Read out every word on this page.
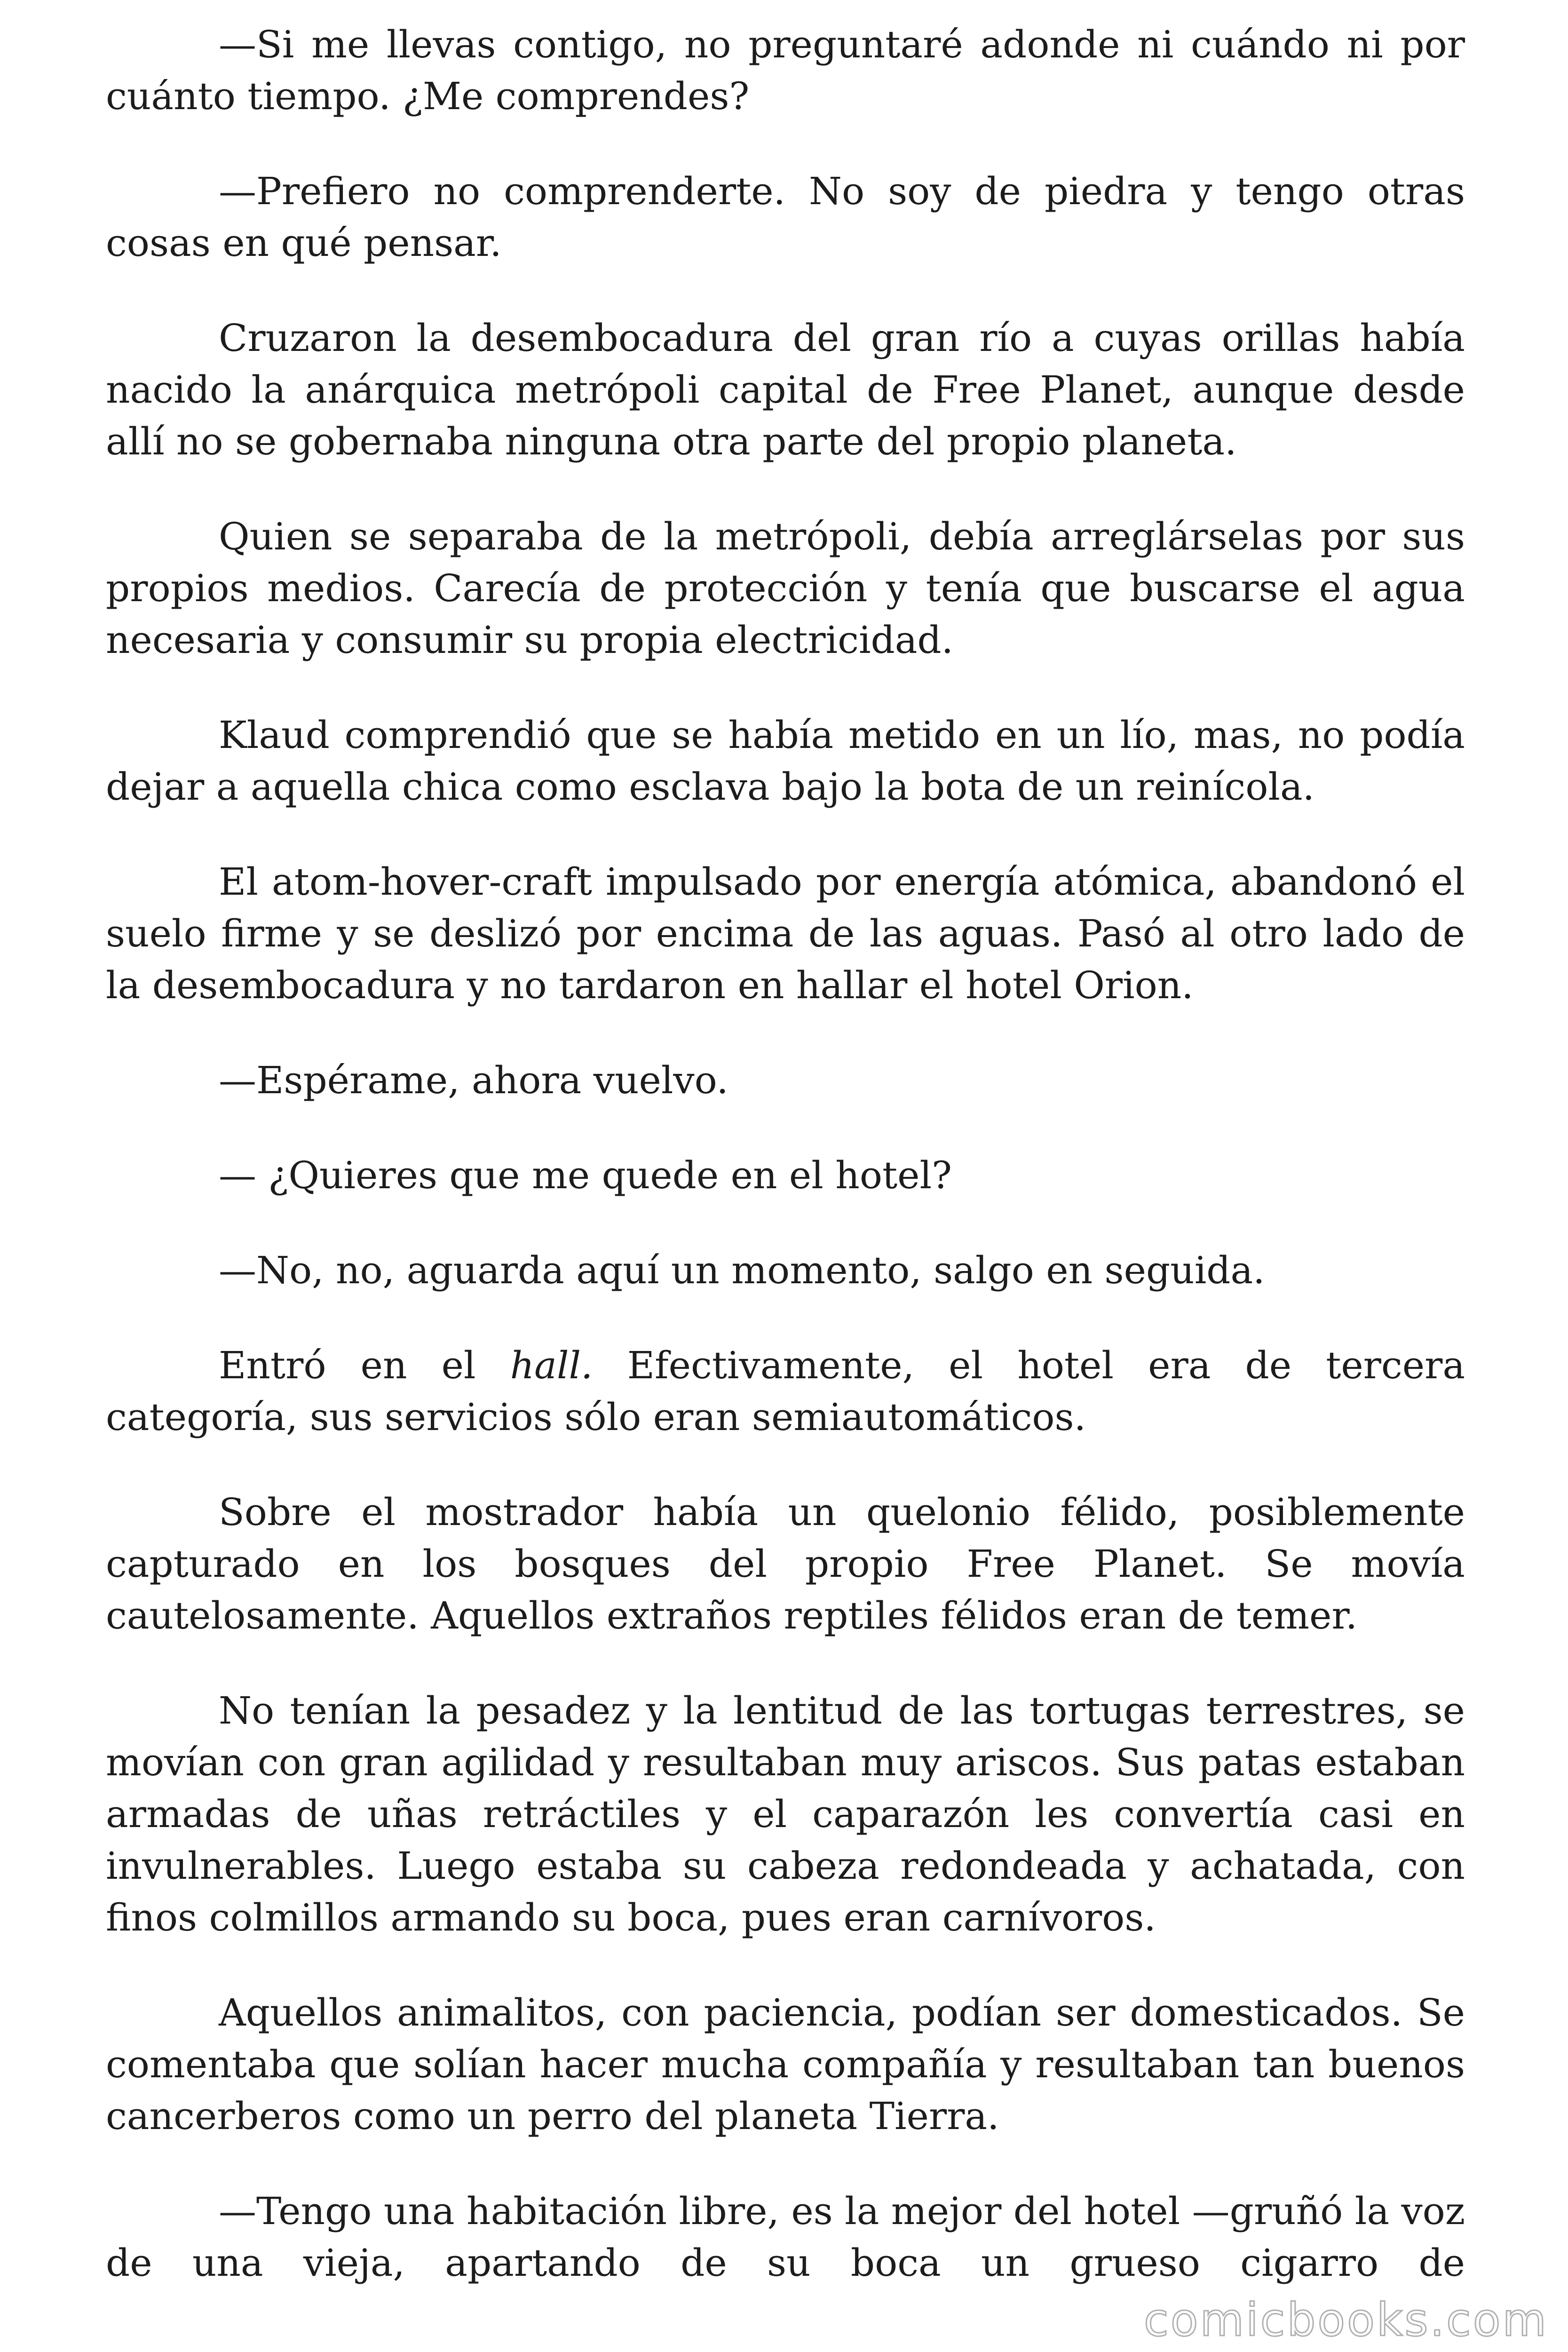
—Si me llevas contigo, no preguntaré adonde ni cuándo ni por cuánto tiempo. ¿Me comprendes?

—Prefiero no comprenderte. No soy de piedra y tengo otras cosas en qué pensar.

Cruzaron la desembocadura del gran río a cuyas orillas había nacido la anárquica metrópoli capital de Free Planet, aunque desde allí no se gobernaba ninguna otra parte del propio planeta.

Quien se separaba de la metrópoli, debía arreglárselas por sus propios medios. Carecía de protección y tenía que buscarse el agua necesaria y consumir su propia electricidad.

Klaud comprendió que se había metido en un lío, mas, no podía dejar a aquella chica como esclava bajo la bota de un reinícola.

El atom-hover-craft impulsado por energía atómica, abandonó el suelo firme y se deslizó por encima de las aguas. Pasó al otro lado de la desembocadura y no tardaron en hallar el hotel Orion.

—Espérame, ahora vuelvo.

— ¿Quieres que me quede en el hotel?

—No, no, aguarda aquí un momento, salgo en seguida.

Entró en el hall. Efectivamente, el hotel era de tercera categoría, sus servicios sólo eran semiautomáticos.

Sobre el mostrador había un quelonio félido, posiblemente capturado en los bosques del propio Free Planet. Se movía cautelosamente. Aquellos extraños reptiles félidos eran de temer.

No tenían la pesadez y la lentitud de las tortugas terrestres, se movían con gran agilidad y resultaban muy ariscos. Sus patas estaban armadas de uñas retráctiles y el caparazón les convertía casi en invulnerables. Luego estaba su cabeza redondeada y achatada, con finos colmillos armando su boca, pues eran carnívoros.

Aquellos animalitos, con paciencia, podían ser domesticados. Se comentaba que solían hacer mucha compañía y resultaban tan buenos cancerberos como un perro del planeta Tierra.

—Tengo una habitación libre, es la mejor del hotel —gruñó la voz de una vieja, apartando de su boca un grueso cigarro de

comicbooks.com
